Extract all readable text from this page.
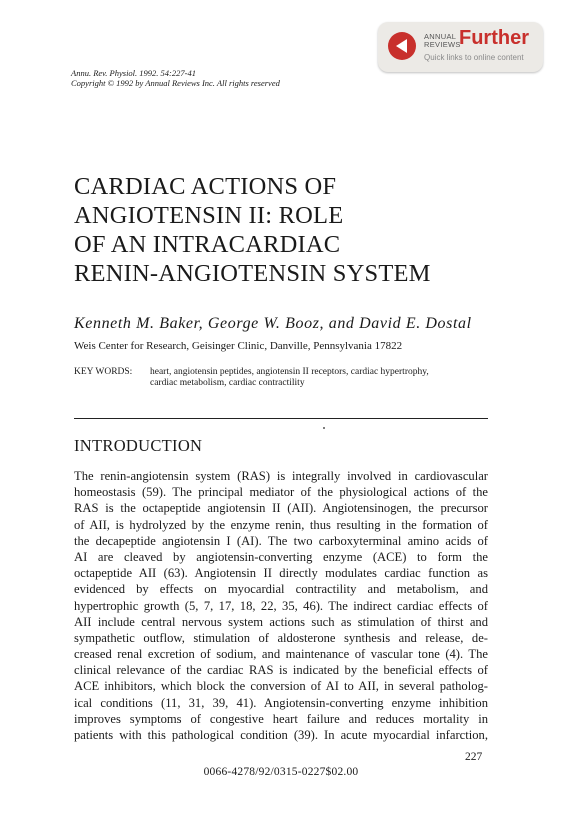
ANNUAL
REVIEWS
Further
Quick links to online content
Annu. Rev. Physiol. 1992. 54:227-41
Copyright © 1992 by Annual Reviews Inc. All rights reserved
CARDIAC ACTIONS OF
ANGIOTENSIN II: ROLE
OF AN INTRACARDIAC
RENIN-ANGIOTENSIN SYSTEM
Kenneth M. Baker, George W. Booz, and David E. Dostal
Weis Center for Research, Geisinger Clinic, Danville, Pennsylvania 17822
KEY WORDS: heart, angiotensin peptides, angiotensin II receptors, cardiac hypertrophy,
cardiac metabolism, cardiac contractility
INTRODUCTION
The renin-angiotensin system (RAS) is integrally involved in cardiovascular
homeostasis (59). The principal mediator of the physiological actions of the
RAS is the octapeptide angiotensin II (AII). Angiotensinogen, the precursor
of AII, is hydrolyzed by the enzyme renin, thus resulting in the formation of
the decapeptide angiotensin I (AI). The two carboxyterminal amino acids of
AI are cleaved by angiotensin-converting enzyme (ACE) to form the
octapeptide AII (63). Angiotensin II directly modulates cardiac function as
evidenced by effects on myocardial contractility and metabolism, and
hypertrophic growth (5, 7, 17, 18, 22, 35, 46). The indirect cardiac effects of
AII include central nervous system actions such as stimulation of thirst and
sympathetic outflow, stimulation of aldosterone synthesis and release, de-
creased renal excretion of sodium, and maintenance of vascular tone (4). The
clinical relevance of the cardiac RAS is indicated by the beneficial effects of
ACE inhibitors, which block the conversion of AI to AII, in several patholog-
ical conditions (11, 31, 39, 41). Angiotensin-converting enzyme inhibition
improves symptoms of congestive heart failure and reduces mortality in
patients with this pathological condition (39). In acute myocardial infarction,
227
0066-4278/92/0315-0227$02.00
